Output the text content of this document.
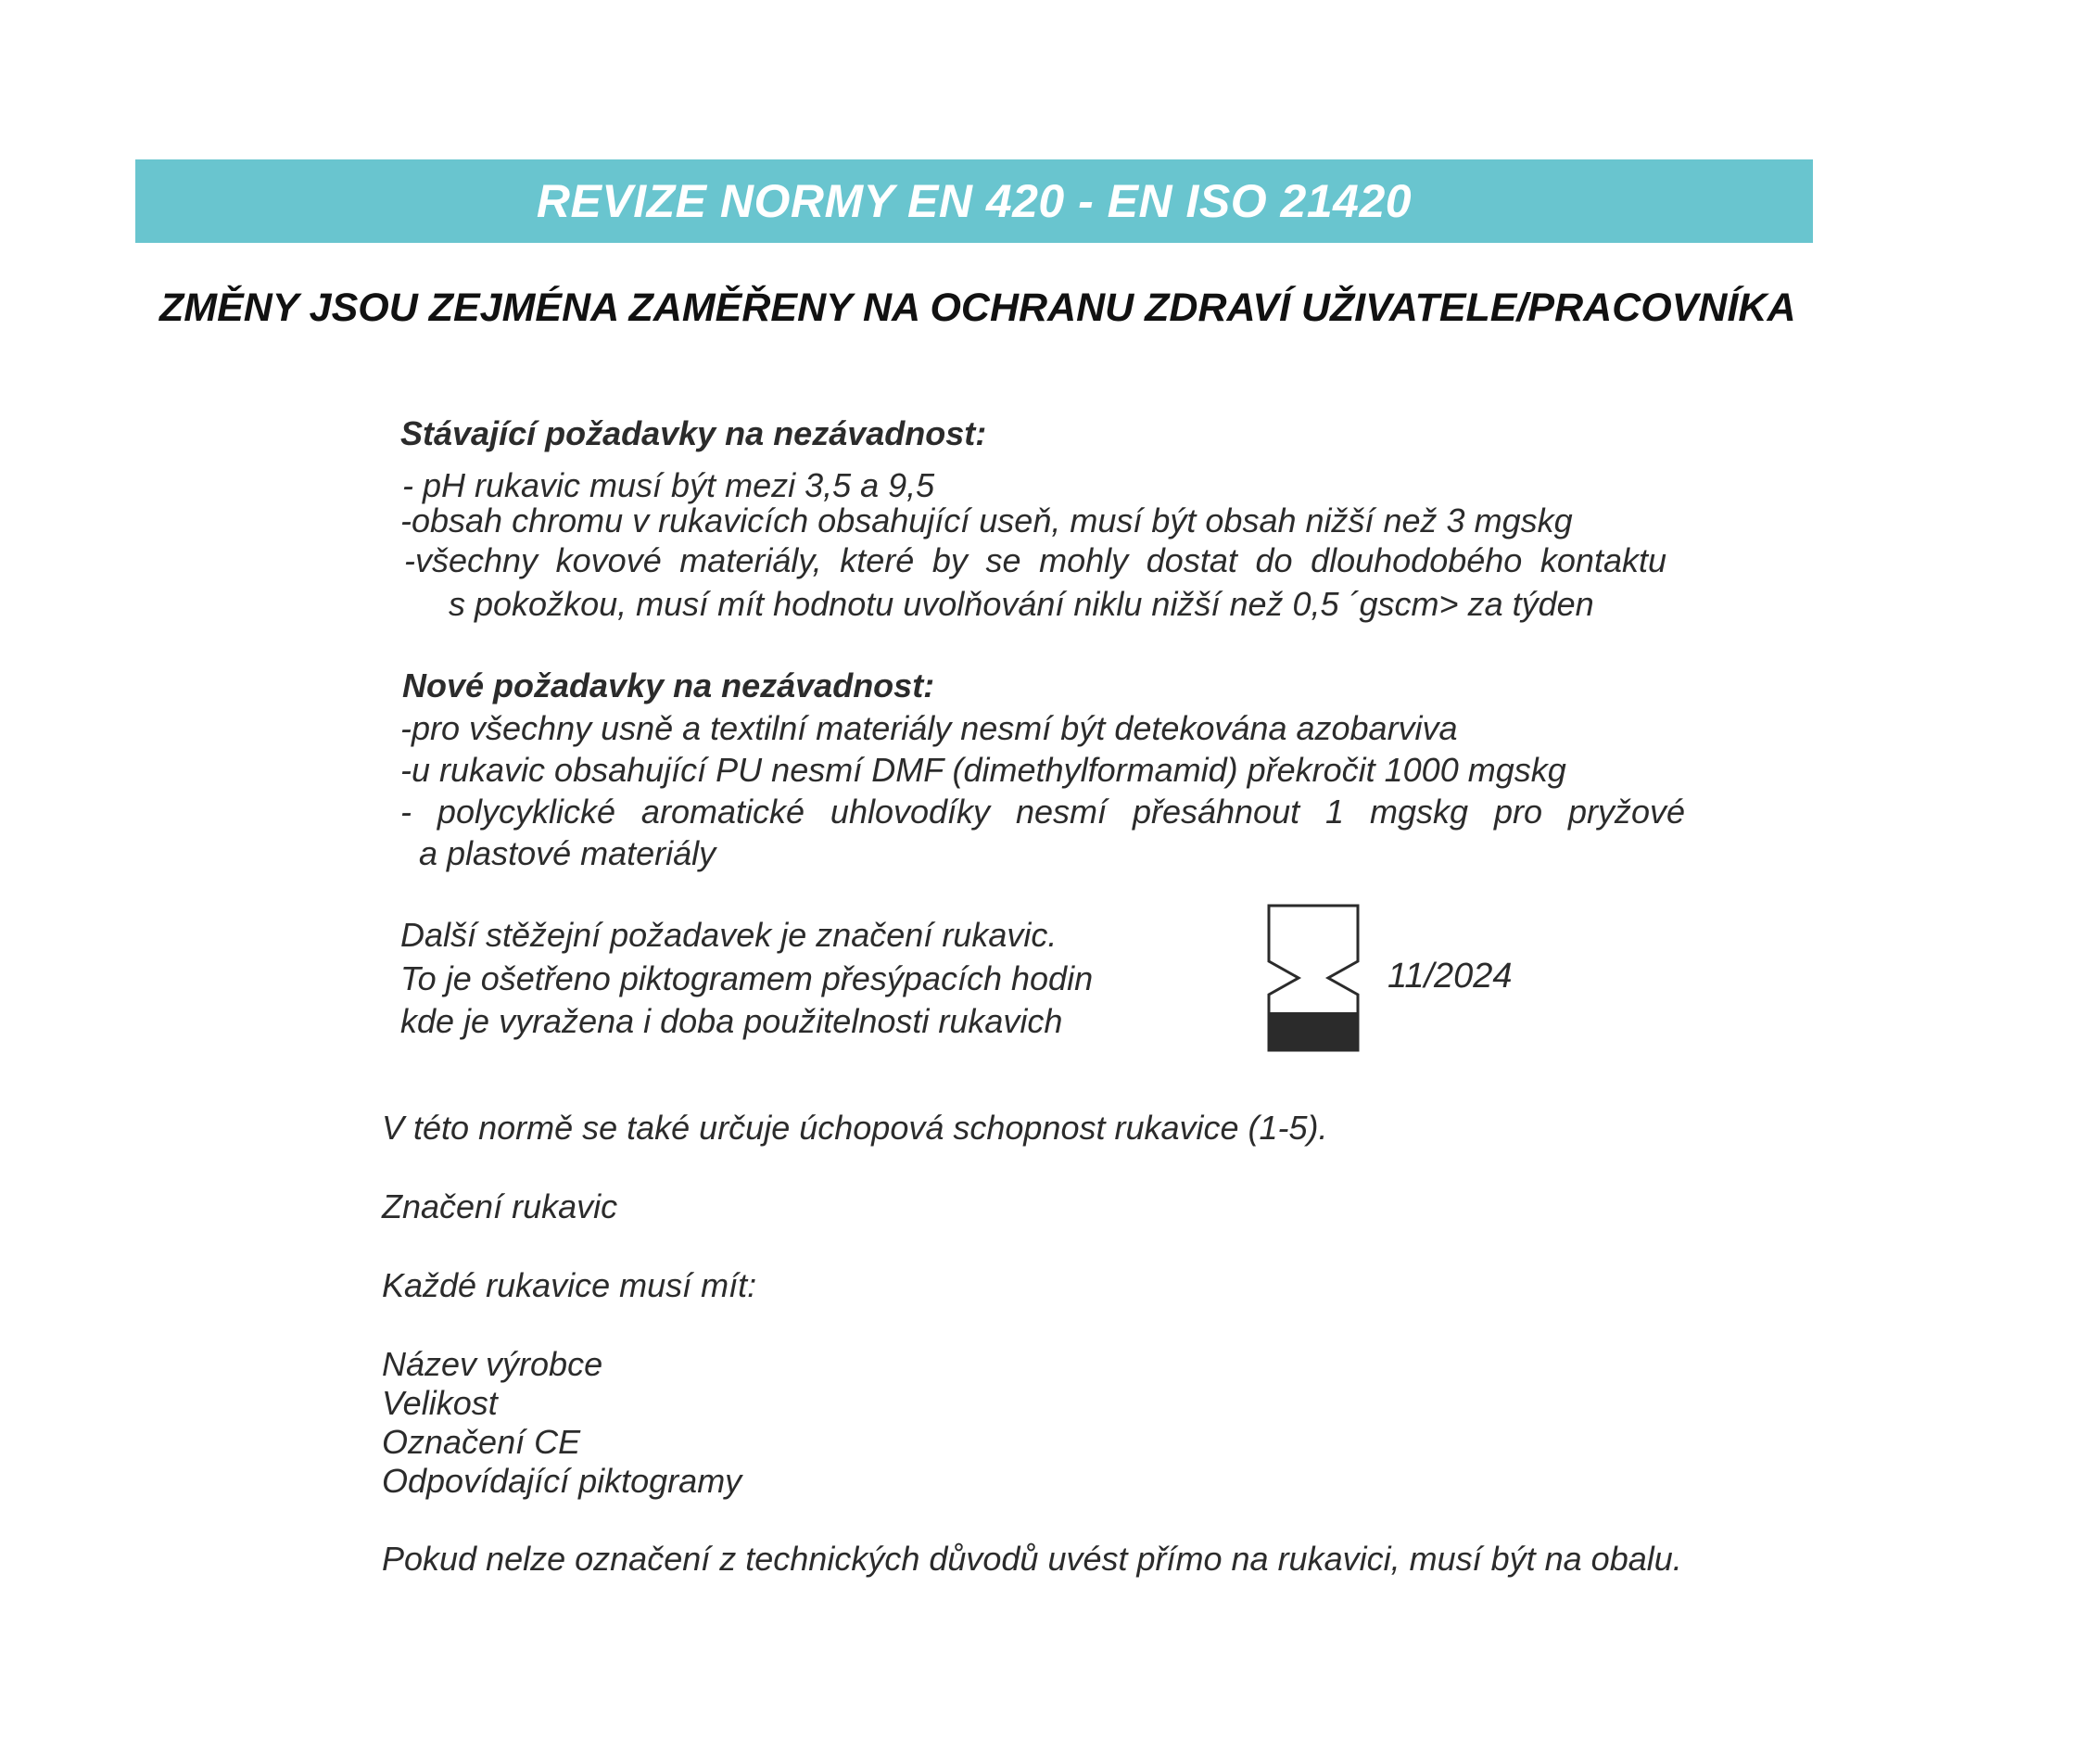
REVIZE NORMY EN 420 - EN ISO 21420
ZMĚNY JSOU ZEJMÉNA ZAMĚŘENY NA OCHRANU ZDRAVÍ UŽIVATELE/PRACOVNÍKA
Stávající požadavky na nezávadnost:
- pH rukavic musí být mezi 3,5 a 9,5
-obsah chromu v rukavicích obsahující useň, musí být obsah nižší než 3 mgskg
-všechny kovové materiály, které by se mohly dostat do dlouhodobého kontaktu
s pokožkou, musí mít hodnotu uvolňování niklu nižší než 0,5 ´gscm> za týden
Nové požadavky na nezávadnost:
-pro všechny usně a textilní materiály nesmí být detekována azobarviva
-u rukavic obsahující PU nesmí DMF (dimethylformamid) překročit 1000 mgskg
- polycyklické aromatické uhlovodíky nesmí přesáhnout 1 mgskg pro pryžové
a plastové materiály
Další stěžejní požadavek je značení rukavic.
To je ošetřeno piktogramem přesýpacích hodin
kde je vyražena i doba použitelnosti rukavich
11/2024
V této normě se také určuje úchopová schopnost rukavice (1-5).
Značení rukavic
Každé rukavice musí mít:
Název výrobce
Velikost
Označení CE
Odpovídající piktogramy
Pokud nelze označení z technických důvodů uvést přímo na rukavici, musí být na obalu.
